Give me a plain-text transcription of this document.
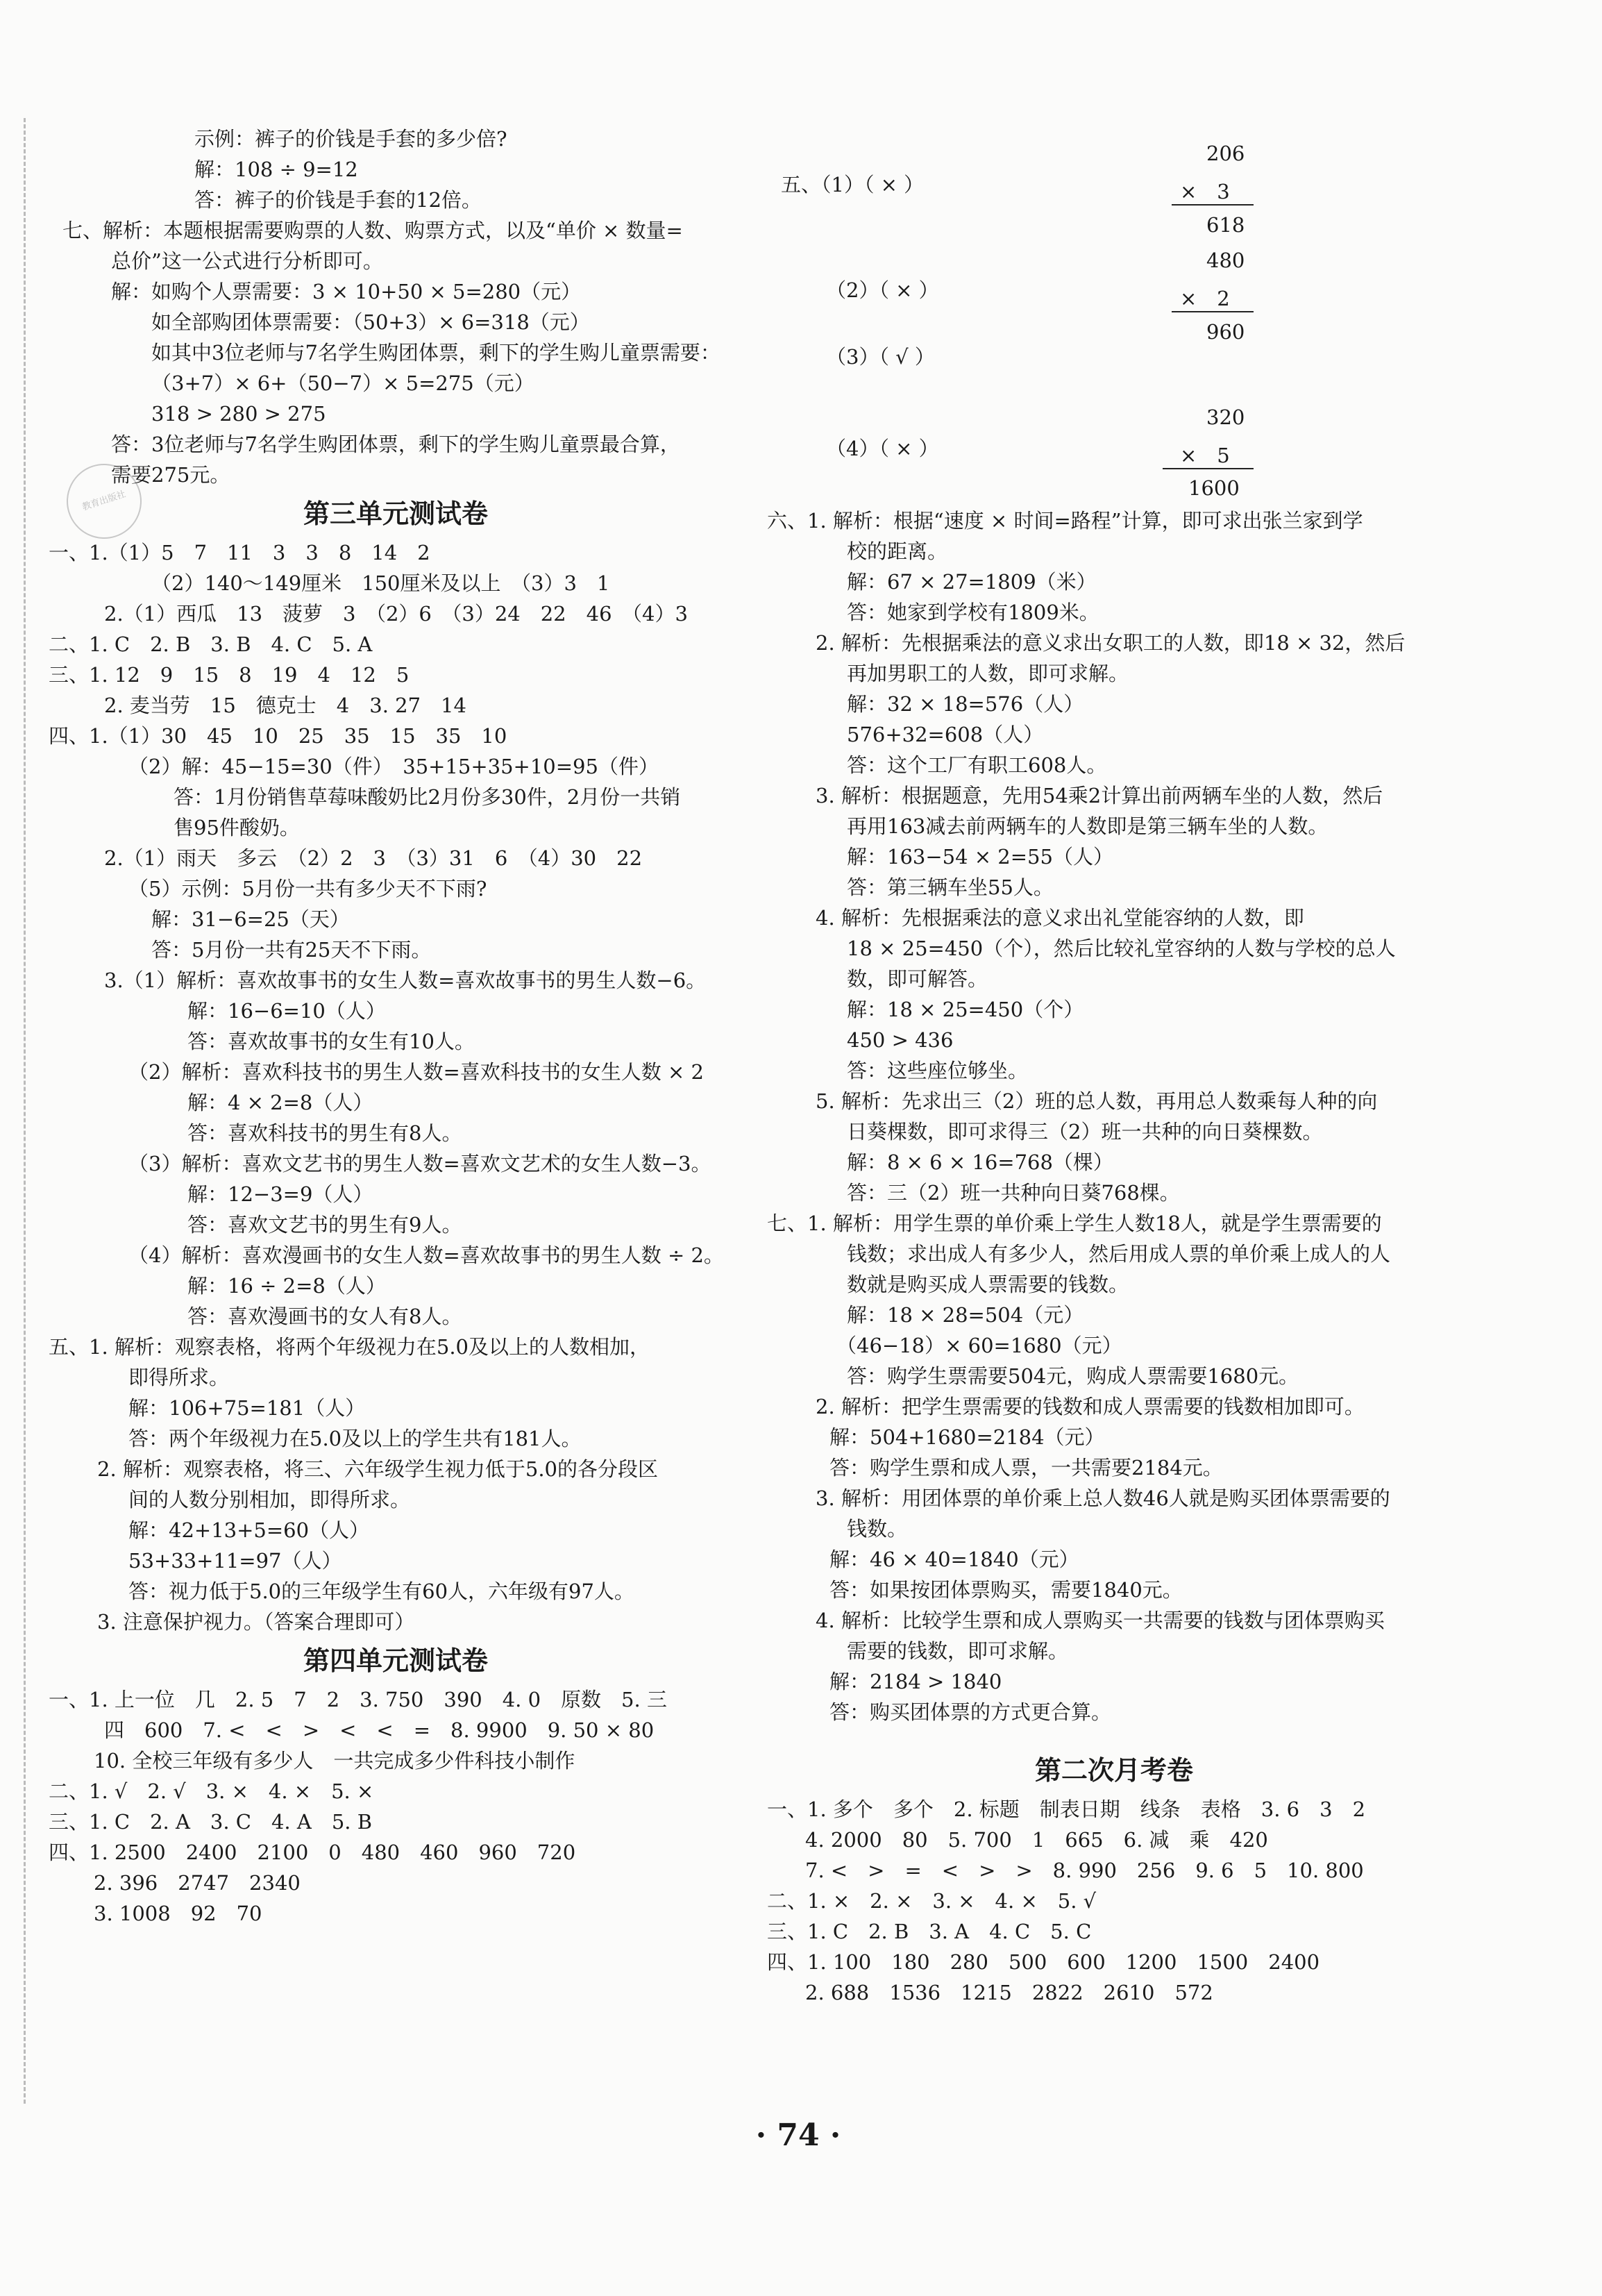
教育出版社
示例：裤子的价钱是手套的多少倍?
解：108 ÷ 9=12
答：裤子的价钱是手套的12倍。
七、解析：本题根据需要购票的人数、购票方式，以及“单价 × 数量=
总价”这一公式进行分析即可。
解：如购个人票需要：3 × 10+50 × 5=280（元）
如全部购团体票需要：（50+3）× 6=318（元）
如其中3位老师与7名学生购团体票，剩下的学生购儿童票需要：
（3+7）× 6+（50−7）× 5=275（元）
318 > 280 > 275
答：3位老师与7名学生购团体票，剩下的学生购儿童票最合算，
需要275元。
第三单元测试卷
一、1.（1）5　7　11　3　3　8　14　2
（2）140～149厘米　150厘米及以上　（3）3　1
2.（1）西瓜　13　菠萝　3　（2）6　（3）24　22　46　（4）3
二、1. C　2. B　3. B　4. C　5. A
三、1. 12　9　15　8　19　4　12　5
2. 麦当劳　15　德克士　4　3. 27　14
四、1.（1）30　45　10　25　35　15　35　10
（2）解：45−15=30（件）　35+15+35+10=95（件）
答：1月份销售草莓味酸奶比2月份多30件，2月份一共销
售95件酸奶。
2.（1）雨天　多云　（2）2　3　（3）31　6　（4）30　22
（5）示例：5月份一共有多少天不下雨?
解：31−6=25（天）
答：5月份一共有25天不下雨。
3.（1）解析：喜欢故事书的女生人数=喜欢故事书的男生人数−6。
解：16−6=10（人）
答：喜欢故事书的女生有10人。
（2）解析：喜欢科技书的男生人数=喜欢科技书的女生人数 × 2
解：4 × 2=8（人）
答：喜欢科技书的男生有8人。
（3）解析：喜欢文艺书的男生人数=喜欢文艺术的女生人数−3。
解：12−3=9（人）
答：喜欢文艺书的男生有9人。
（4）解析：喜欢漫画书的女生人数=喜欢故事书的男生人数 ÷ 2。
解：16 ÷ 2=8（人）
答：喜欢漫画书的女人有8人。
五、1. 解析：观察表格，将两个年级视力在5.0及以上的人数相加，
即得所求。
解：106+75=181（人）
答：两个年级视力在5.0及以上的学生共有181人。
2. 解析：观察表格，将三、六年级学生视力低于5.0的各分段区
间的人数分别相加，即得所求。
解：42+13+5=60（人）
53+33+11=97（人）
答：视力低于5.0的三年级学生有60人，六年级有97人。
3. 注意保护视力。（答案合理即可）
第四单元测试卷
一、1. 上一位　几　2. 5　7　2　3. 750　390　4. 0　原数　5. 三
四　600　7. <　<　>　<　<　=　8. 9900　9. 50 × 80
10. 全校三年级有多少人　一共完成多少件科技小制作
二、1. √　2. √　3. ×　4. ×　5. ×
三、1. C　2. A　3. C　4. A　5. B
四、1. 2500　2400　2100　0　480　460　960　720
2. 396　2747　2340
3. 1008　92　70
五、（1）（ × ）
（2）（ × ）
（3）（ √ ）
（4）（ × ）
206
×　3
618
480
×　2
960
320
×　5
1600
六、1. 解析：根据“速度 × 时间=路程”计算，即可求出张兰家到学
校的距离。
解：67 × 27=1809（米）
答：她家到学校有1809米。
2. 解析：先根据乘法的意义求出女职工的人数，即18 × 32，然后
再加男职工的人数，即可求解。
解：32 × 18=576（人）
576+32=608（人）
答：这个工厂有职工608人。
3. 解析：根据题意，先用54乘2计算出前两辆车坐的人数，然后
再用163减去前两辆车的人数即是第三辆车坐的人数。
解：163−54 × 2=55（人）
答：第三辆车坐55人。
4. 解析：先根据乘法的意义求出礼堂能容纳的人数，即
18 × 25=450（个），然后比较礼堂容纳的人数与学校的总人
数，即可解答。
解：18 × 25=450（个）
450 > 436
答：这些座位够坐。
5. 解析：先求出三（2）班的总人数，再用总人数乘每人种的向
日葵棵数，即可求得三（2）班一共种的向日葵棵数。
解：8 × 6 × 16=768（棵）
答：三（2）班一共种向日葵768棵。
七、1. 解析：用学生票的单价乘上学生人数18人，就是学生票需要的
钱数；求出成人有多少人，然后用成人票的单价乘上成人的人
数就是购买成人票需要的钱数。
解：18 × 28=504（元）
（46−18）× 60=1680（元）
答：购学生票需要504元，购成人票需要1680元。
2. 解析：把学生票需要的钱数和成人票需要的钱数相加即可。
解：504+1680=2184（元）
答：购学生票和成人票，一共需要2184元。
3. 解析：用团体票的单价乘上总人数46人就是购买团体票需要的
钱数。
解：46 × 40=1840（元）
答：如果按团体票购买，需要1840元。
4. 解析：比较学生票和成人票购买一共需要的钱数与团体票购买
需要的钱数，即可求解。
解：2184 > 1840
答：购买团体票的方式更合算。
第二次月考卷
一、1. 多个　多个　2. 标题　制表日期　线条　表格　3. 6　3　2
4. 2000　80　5. 700　1　665　6. 减　乘　420
7. <　>　=　<　>　>　8. 990　256　9. 6　5　10. 800
二、1. ×　2. ×　3. ×　4. ×　5. √
三、1. C　2. B　3. A　4. C　5. C
四、1. 100　180　280　500　600　1200　1500　2400
2. 688　1536　1215　2822　2610　572
· 74 ·
